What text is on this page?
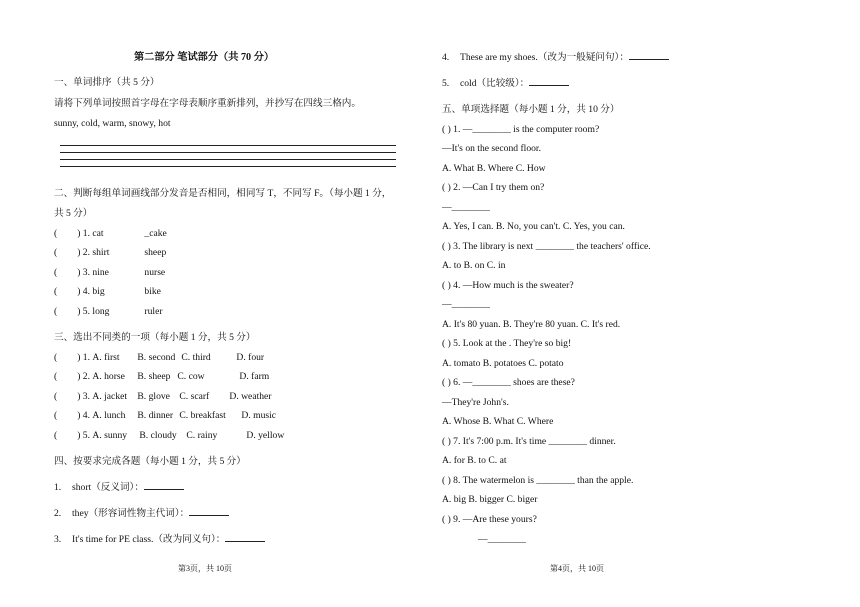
第二部分 笔试部分（共 70 分）
一、单词排序（共 5 分）
请将下列单词按照首字母在字母表顺序重新排列，并抄写在四线三格内。
sunny, cold, warm, snowy, hot
二、判断每组单词画线部分发音是否相同，相同写 T，不同写 F。（每小题 1 分，
共 5 分）
( ) 1. cat	_cake
( ) 2. shirt	sheep
( ) 3. nine	nurse
( ) 4. big	bike
( ) 5. long	ruler
三、选出不同类的一项（每小题 1 分，共 5 分）
( ) 1. A. first B. second C. third	D. four
( ) 2. A. horse B. sheep C. cow	D. farm
( ) 3. A. jacket B. glove C. scarf D. weather
( ) 4. A. lunch B. dinner C. breakfast D. music
( ) 5. A. sunny B. cloudy C. rainy	D. yellow
四、按要求完成各题（每小题 1 分，共 5 分）
1. short（反义词）：
2. they（形容词性物主代词）：
3. It's time for PE class.（改为同义句）：
第3页，共 10页
4. These are my shoes.（改为一般疑问句）：
5. cold（比较级）：
五、单项选择题（每小题 1 分，共 10 分）
( ) 1. —________ is the computer room?
—It's on the second floor.
A. What B. Where C. How
( ) 2. —Can I try them on?
—________
A. Yes, I can. B. No, you can't. C. Yes, you can.
( ) 3. The library is next ________ the teachers' office.
A. to B. on C. in
( ) 4. —How much is the sweater?
—________
A. It's 80 yuan. B. They're 80 yuan. C. It's red.
( ) 5. Look at the . They're so big!
A. tomato B. potatoes C. potato
( ) 6. —________ shoes are these?
—They're John's.
A. Whose B. What C. Where
( ) 7. It's 7:00 p.m. It's time ________ dinner.
A. for B. to C. at
( ) 8. The watermelon is ________ than the apple.
A. big B. bigger C. biger
( ) 9. —Are these yours?
—________
第4页，共 10页
